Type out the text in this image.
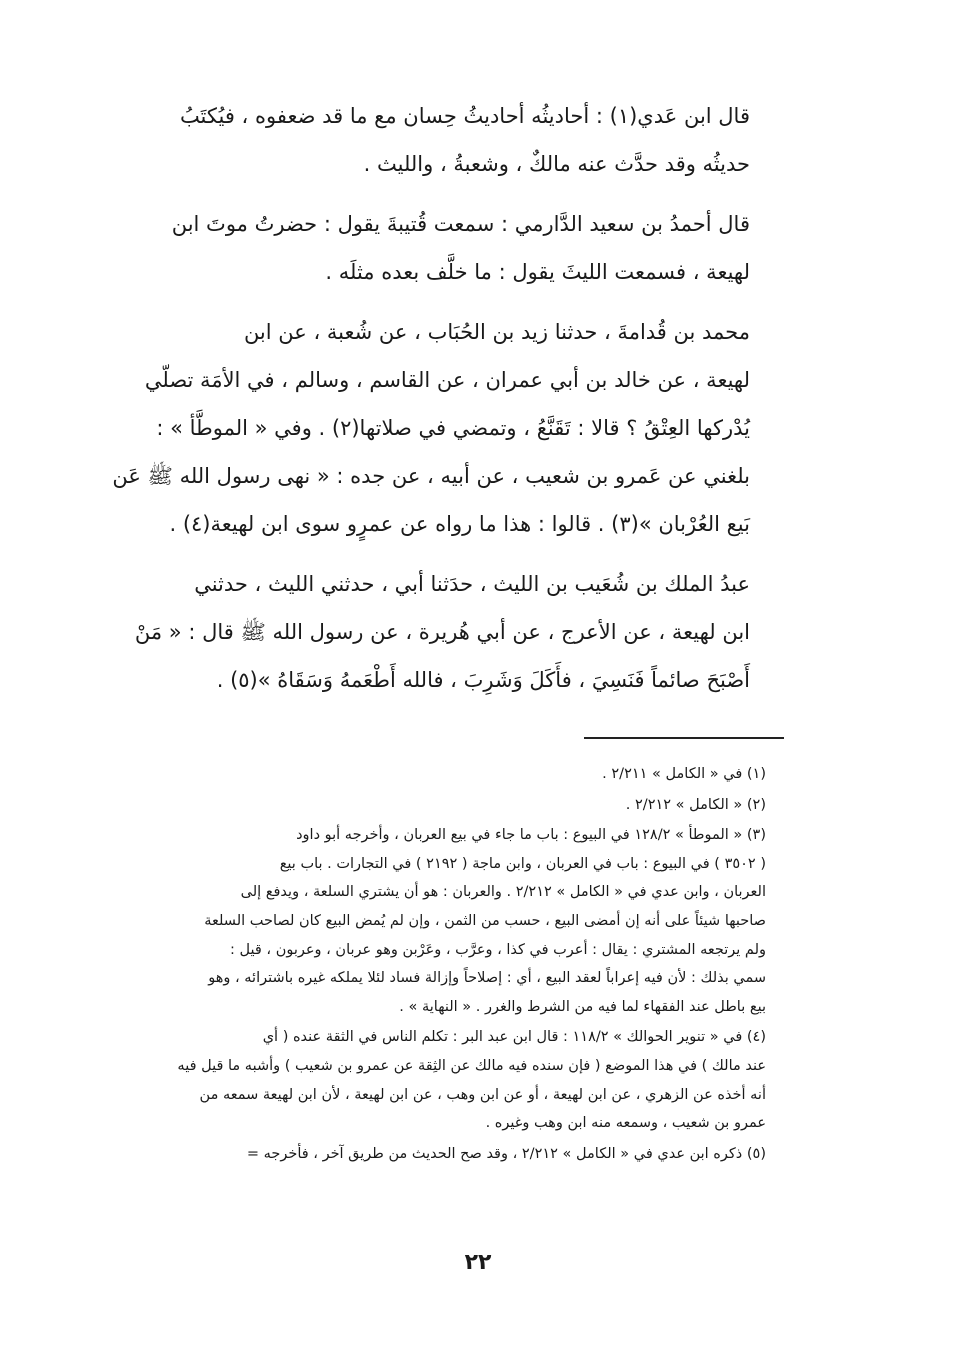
قال ابن عَدي(١) : أحاديثُه أحاديثُ حِسان مع ما قد ضعفوه ، فيُكتَبُ
حديثُه وقد حدَّث عنه مالكٌ ، وشعبةُ ، والليث .

قال أحمدُ بن سعيد الدَّارمي : سمعت قُتيبةَ يقول : حضرتُ موتَ ابن
لهيعة ، فسمعت الليثَ يقول : ما خلَّف بعده مثلَه .

محمد بن قُدامةَ ، حدثنا زيد بن الحُبَاب ، عن شُعبة ، عن ابن
لهيعة ، عن خالد بن أبي عمران ، عن القاسم ، وسالم ، في الأمَة تصلّي
يُدْركها العِتْقُ ؟ قالا : تَقَنَّعُ ، وتمضي في صلاتها(٢) . وفي « الموطَّأ » :
بلغني عن عَمرو بن شعيب ، عن أبيه ، عن جده : « نهى رسول الله ﷺ عَن
بَيع العُرْبان »(٣) . قالوا : هذا ما رواه عن عمرٍو سوى ابن لهيعة(٤) .

عبدُ الملك بن شُعَيب بن الليث ، حدَثنا أبي ، حدثني الليث ، حدثني
ابن لهيعة ، عن الأعرج ، عن أبي هُريرة ، عن رسول الله ﷺ قال : « مَنْ
أَصْبَحَ صائماً فَنَسِيَ ، فأَكَلَ وَشَرِبَ ، فالله أَطْعَمهُ وَسَقَاهُ »(٥) .

(١) في « الكامل » ٢/٢١١ .

(٢) « الكامل » ٢/٢١٢ .

(٣) « الموطأ » ١٢٨/٢ في البيوع : باب ما جاء في بيع العربان ، وأخرجه أبو داود
( ٣٥٠٢ ) في البيوع : باب في العربان ، وابن ماجة ( ٢١٩٢ ) في التجارات . باب بيع
العربان ، وابن عدي في « الكامل » ٢/٢١٢ . والعربان : هو أن يشتري السلعة ، ويدفع إلى
صاحبها شيئاً على أنه إن أمضى البيع ، حسب من الثمن ، وإن لم يُمض البيع كان لصاحب السلعة
ولم يرتجعه المشتري : يقال : أعرب في كذا ، وعرَّب ، وعَرْبن وهو عربان ، وعربون ، قيل :
سمي بذلك : لأن فيه إعراباً لعقد البيع ، أي : إصلاحاً وإزالة فساد لئلا يملكه غيره باشترائه ، وهو
بيع باطل عند الفقهاء لما فيه من الشرط والغرر . « النهاية » .

(٤) في « تنوير الحوالك » ١١٨/٢ : قال ابن عبد البر : تكلم الناس في الثقة عنده ( أي
عند مالك ) في هذا الموضع ( فإن سنده فيه مالك عن الثِقة عن عمرو بن شعيب ) وأشبه ما قيل فيه
أنه أخذه عن الزهري ، عن ابن لهيعة ، أو عن ابن وهب ، عن ابن لهيعة ، لأن ابن لهيعة سمعه من
عمرو بن شعيب ، وسمعه منه ابن وهب وغيره .

(٥) ذكره ابن عدي في « الكامل » ٢/٢١٢ ، وقد صح الحديث من طريق آخر ، فأخرجه =

٢٢
